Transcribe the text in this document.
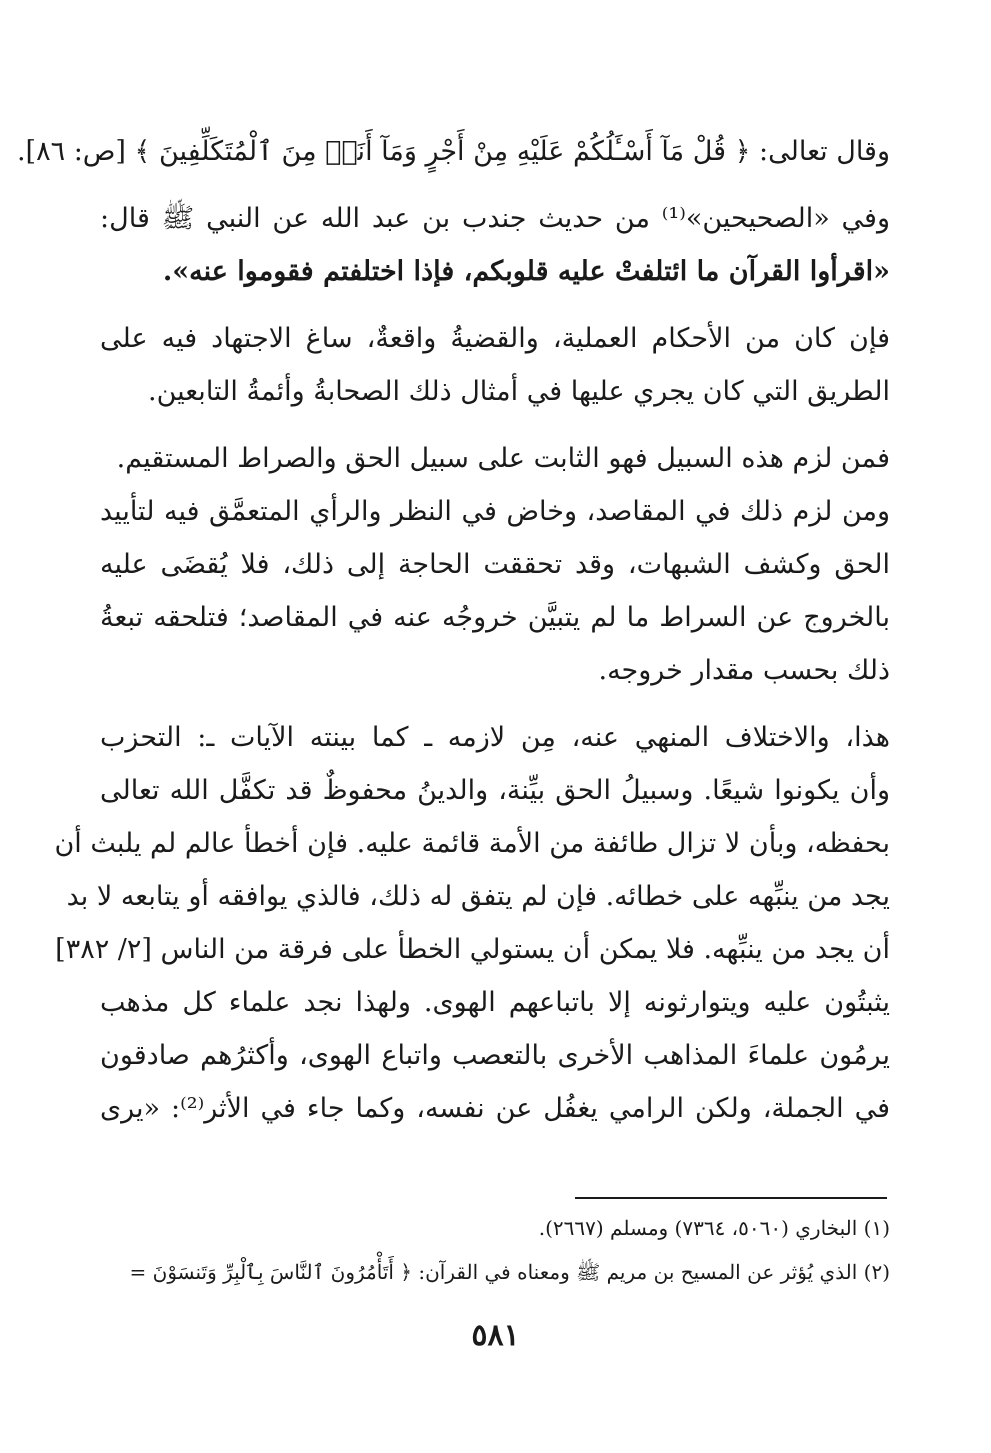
وقال تعالى: ﴿ قُلْ مَآ أَسْـَٔلُكُمْ عَلَيْهِ مِنْ أَجْرٍ وَمَآ أَنَا۠ مِنَ ٱلْمُتَكَلِّفِينَ ﴾ [ص: ٨٦].
وفي «الصحيحين»⁽¹⁾ من حديث جندب بن عبد الله عن النبي ﷺ قال:
«اقرأوا القرآن ما ائتلفتْ عليه قلوبكم، فإذا اختلفتم فقوموا عنه».
فإن كان من الأحكام العملية، والقضيةُ واقعةٌ، ساغ الاجتهاد فيه على
الطريق التي كان يجري عليها في أمثال ذلك الصحابةُ وأئمةُ التابعين.
فمن لزم هذه السبيل فهو الثابت على سبيل الحق والصراط المستقيم.
ومن لزم ذلك في المقاصد، وخاض في النظر والرأي المتعمَّق فيه لتأييد
الحق وكشف الشبهات، وقد تحققت الحاجة إلى ذلك، فلا يُقضَى عليه
بالخروج عن السراط ما لم يتبيَّن خروجُه عنه في المقاصد؛ فتلحقه تبعةُ
ذلك بحسب مقدار خروجه.
هذا، والاختلاف المنهي عنه، مِن لازمه ـ كما بينته الآيات ـ: التحزب
وأن يكونوا شيعًا. وسبيلُ الحق بيِّنة، والدينُ محفوظٌ قد تكفَّل الله تعالى
بحفظه، وبأن لا تزال طائفة من الأمة قائمة عليه. فإن أخطأ عالم لم يلبث أن
يجد من ينبِّهه على خطائه. فإن لم يتفق له ذلك، فالذي يوافقه أو يتابعه لا بد
أن يجد من ينبِّهه. فلا يمكن أن يستولي الخطأ على فرقة من الناس [٢/ ٣٨٢]
يثبتُون عليه ويتوارثونه إلا باتباعهم الهوى. ولهذا نجد علماء كل مذهب
يرمُون علماءَ المذاهب الأخرى بالتعصب واتباع الهوى، وأكثرُهم صادقون
في الجملة، ولكن الرامي يغفُل عن نفسه، وكما جاء في الأثر⁽²⁾: «يرى
(١) البخاري (٥٠٦٠، ٧٣٦٤) ومسلم (٢٦٦٧).
(٢) الذي يُؤثر عن المسيح بن مريم ﷺ ومعناه في القرآن: ﴿ أَتَأْمُرُونَ ٱلنَّاسَ بِٱلْبِرِّ وَتَنسَوْنَ =
٥٨١
